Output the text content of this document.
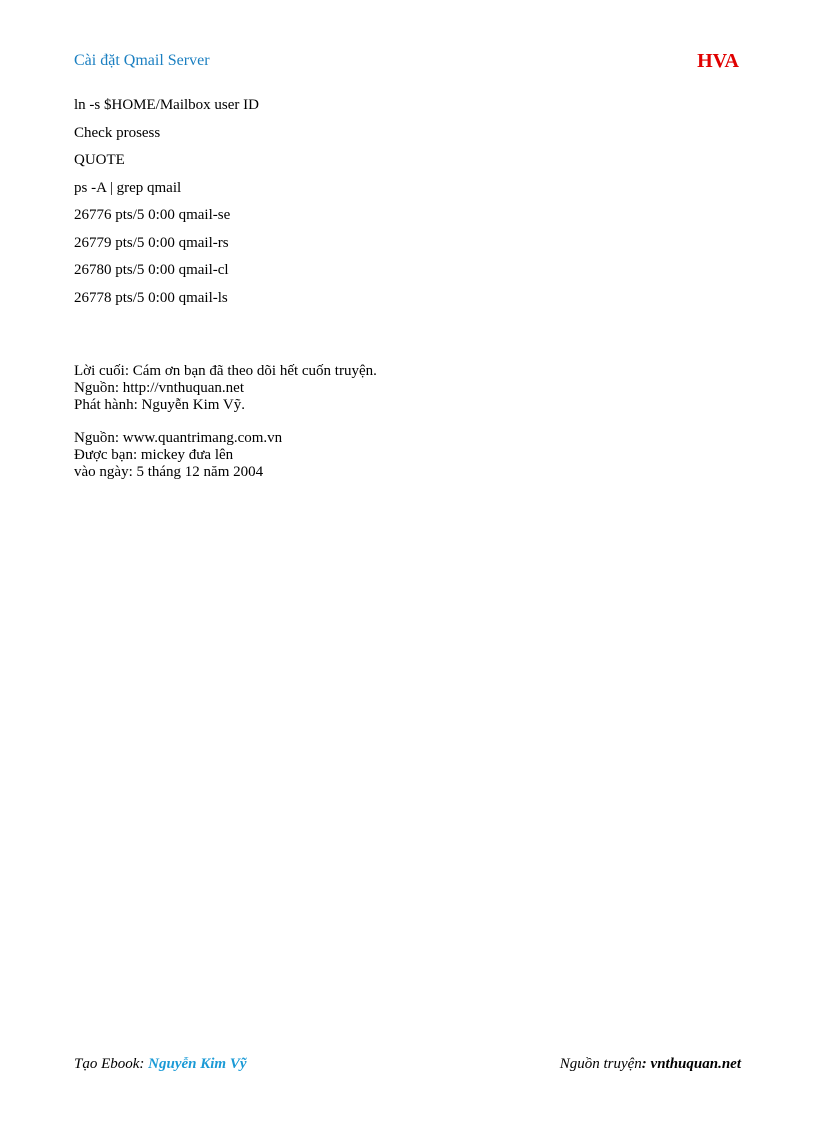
Cài đặt Qmail Server	HVA
ln -s $HOME/Mailbox user ID
Check prosess
QUOTE
ps -A | grep qmail
26776 pts/5 0:00 qmail-se
26779 pts/5 0:00 qmail-rs
26780 pts/5 0:00 qmail-cl
26778 pts/5 0:00 qmail-ls
Lời cuối: Cám ơn bạn đã theo dõi hết cuốn truyện.
Nguồn: http://vnthuquan.net
Phát hành: Nguyễn Kim Vỹ.
Nguồn: www.quantrimang.com.vn
Được bạn: mickey đưa lên
vào ngày: 5 tháng 12 năm 2004
Tạo Ebook: Nguyễn Kim Vỹ	Nguồn truyện: vnthuquan.net
